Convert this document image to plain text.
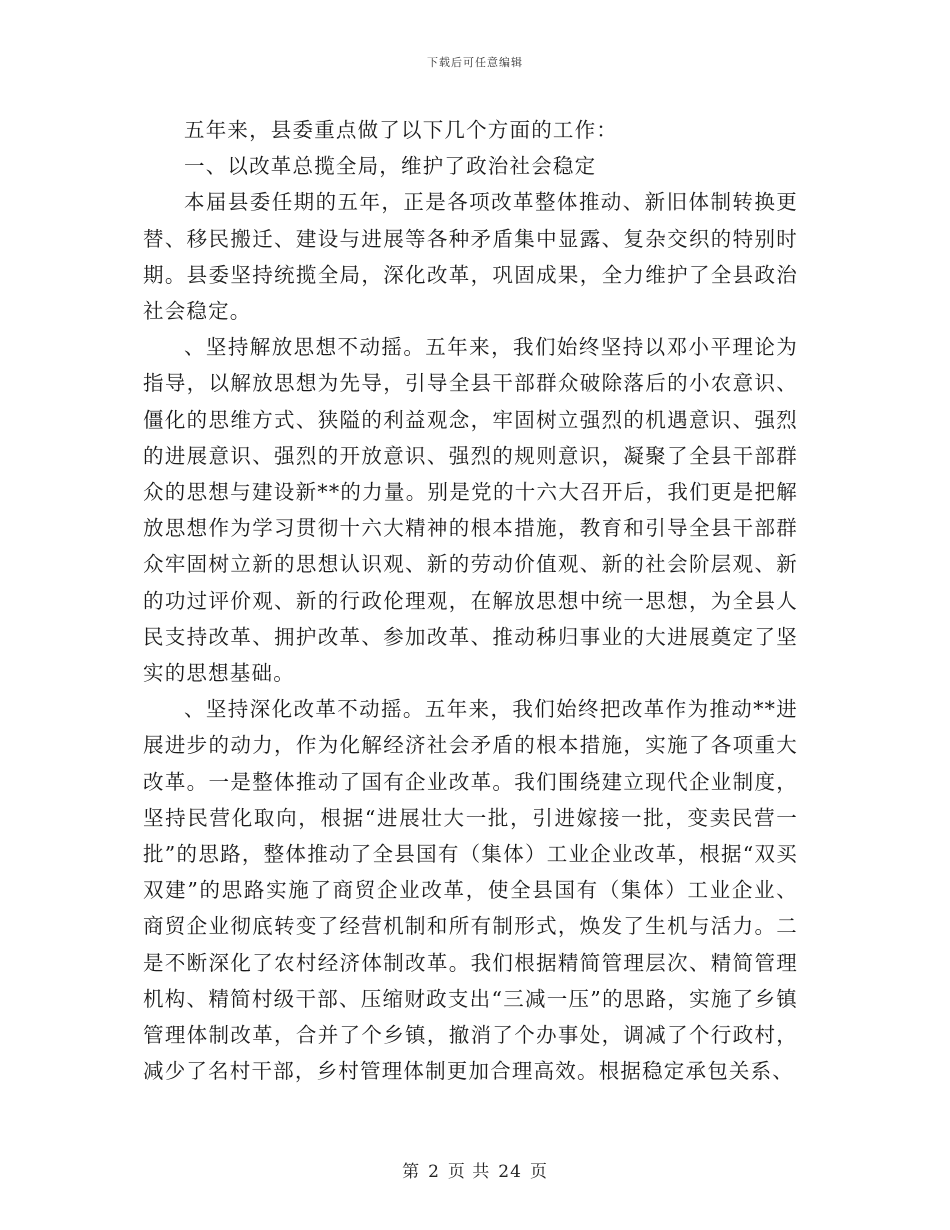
下载后可任意编辑

五年来，县委重点做了以下几个方面的工作：

一、以改革总揽全局，维护了政治社会稳定

本届县委任期的五年，正是各项改革整体推动、新旧体制转换更替、移民搬迁、建设与进展等各种矛盾集中显露、复杂交织的特别时期。县委坚持统揽全局，深化改革，巩固成果，全力维护了全县政治社会稳定。

、坚持解放思想不动摇。五年来，我们始终坚持以邓小平理论为指导，以解放思想为先导，引导全县干部群众破除落后的小农意识、僵化的思维方式、狭隘的利益观念，牢固树立强烈的机遇意识、强烈的进展意识、强烈的开放意识、强烈的规则意识，凝聚了全县干部群众的思想与建设新**的力量。别是党的十六大召开后，我们更是把解放思想作为学习贯彻十六大精神的根本措施，教育和引导全县干部群众牢固树立新的思想认识观、新的劳动价值观、新的社会阶层观、新的功过评价观、新的行政伦理观，在解放思想中统一思想，为全县人民支持改革、拥护改革、参加改革、推动秭归事业的大进展奠定了坚实的思想基础。

、坚持深化改革不动摇。五年来，我们始终把改革作为推动**进展进步的动力，作为化解经济社会矛盾的根本措施，实施了各项重大改革。一是整体推动了国有企业改革。我们围绕建立现代企业制度，坚持民营化取向，根据“进展壮大一批，引进嫁接一批，变卖民营一批”的思路，整体推动了全县国有（集体）工业企业改革，根据“双买双建”的思路实施了商贸企业改革，使全县国有（集体）工业企业、商贸企业彻底转变了经营机制和所有制形式，焕发了生机与活力。二是不断深化了农村经济体制改革。我们根据精简管理层次、精简管理机构、精简村级干部、压缩财政支出“三减一压”的思路，实施了乡镇管理体制改革，合并了个乡镇，撤消了个办事处，调减了个行政村，减少了名村干部，乡村管理体制更加合理高效。根据稳定承包关系、

第 2 页 共 24 页
